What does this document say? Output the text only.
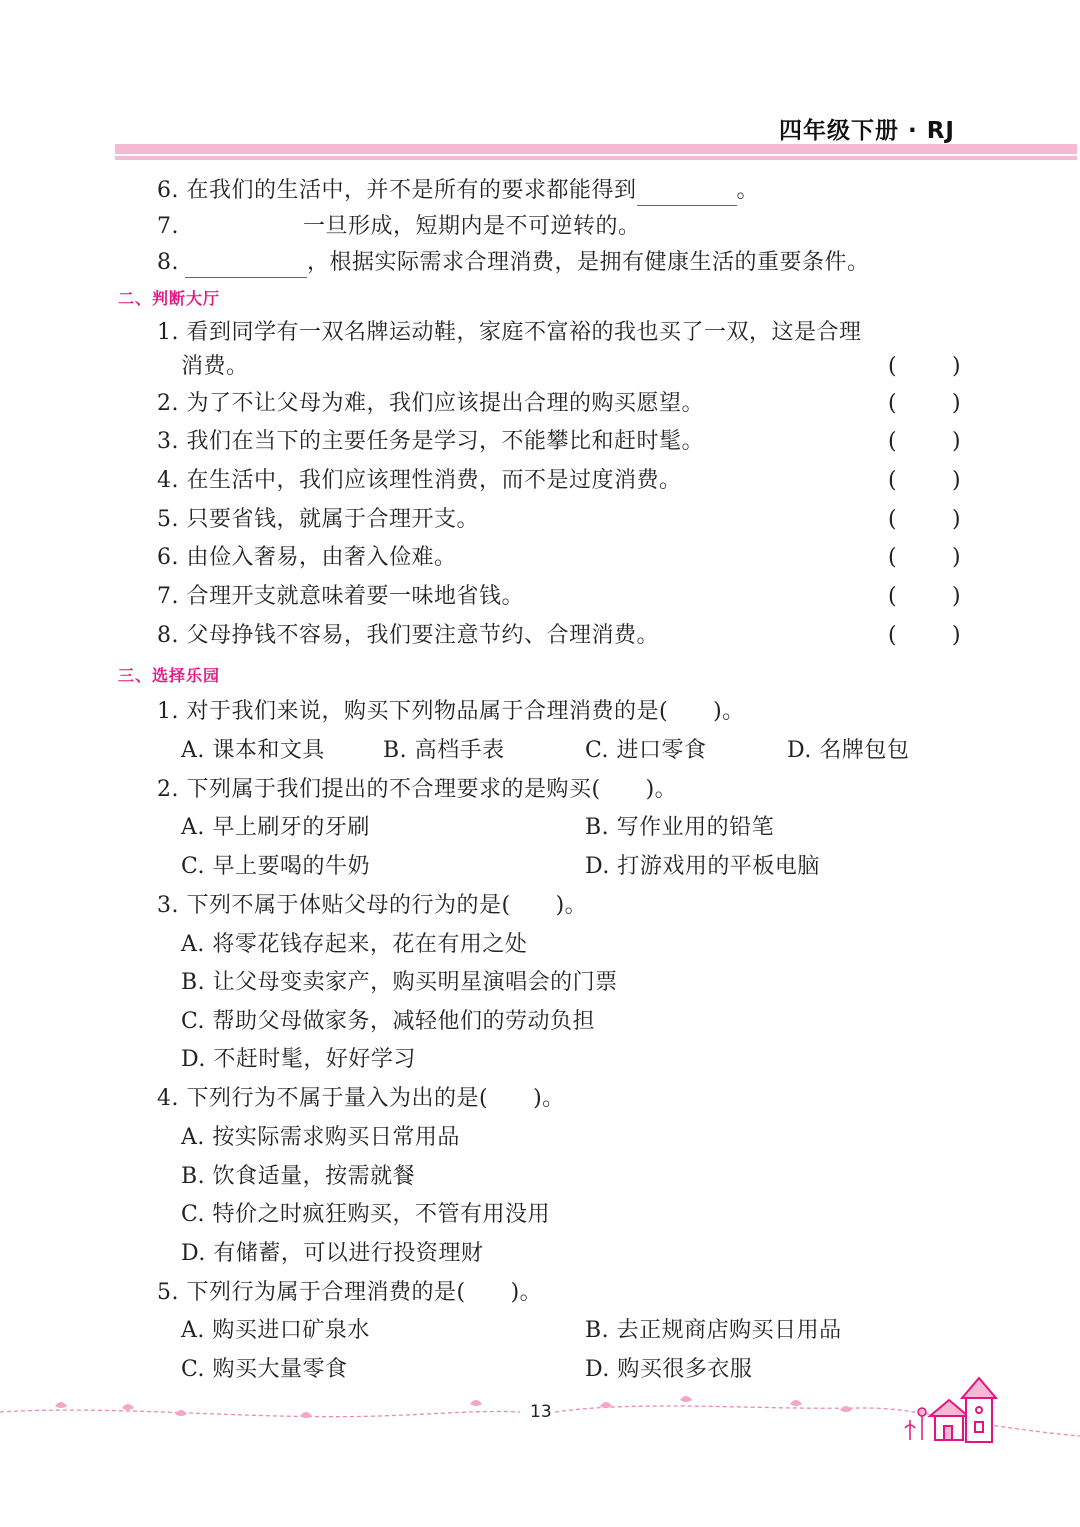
四年级下册 · RJ
6. 在我们的生活中，并不是所有的要求都能得到	。
7.	一旦形成，短期内是不可逆转的。
8.	，根据实际需求合理消费，是拥有健康生活的重要条件。
二、判断大厅
1. 看到同学有一双名牌运动鞋，家庭不富裕的我也买了一双，这是合理
消费。	(	)
2. 为了不让父母为难，我们应该提出合理的购买愿望。	(	)
3. 我们在当下的主要任务是学习，不能攀比和赶时髦。	(	)
4. 在生活中，我们应该理性消费，而不是过度消费。	(	)
5. 只要省钱，就属于合理开支。	(	)
6. 由俭入奢易，由奢入俭难。	(	)
7. 合理开支就意味着要一味地省钱。	(	)
8. 父母挣钱不容易，我们要注意节约、合理消费。	(	)
三、选择乐园
1. 对于我们来说，购买下列物品属于合理消费的是(　　)。
A. 课本和文具	B. 高档手表	C. 进口零食	D. 名牌包包
2. 下列属于我们提出的不合理要求的是购买(　　)。
A. 早上刷牙的牙刷	B. 写作业用的铅笔
C. 早上要喝的牛奶	D. 打游戏用的平板电脑
3. 下列不属于体贴父母的行为的是(　　)。
A. 将零花钱存起来，花在有用之处
B. 让父母变卖家产，购买明星演唱会的门票
C. 帮助父母做家务，减轻他们的劳动负担
D. 不赶时髦，好好学习
4. 下列行为不属于量入为出的是(　　)。
A. 按实际需求购买日常用品
B. 饮食适量，按需就餐
C. 特价之时疯狂购买，不管有用没用
D. 有储蓄，可以进行投资理财
5. 下列行为属于合理消费的是(　　)。
A. 购买进口矿泉水	B. 去正规商店购买日用品
C. 购买大量零食	D. 购买很多衣服
13
